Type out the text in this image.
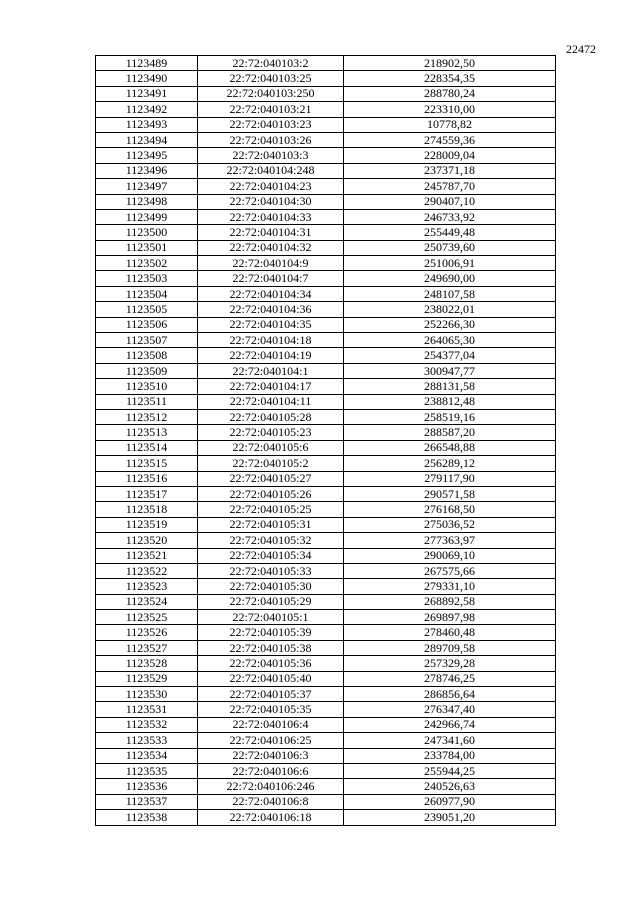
22472
1123489	22:72:040103:2	218902,50
1123490	22:72:040103:25	228354,35
1123491	22:72:040103:250	288780,24
1123492	22:72:040103:21	223310,00
1123493	22:72:040103:23	10778,82
1123494	22:72:040103:26	274559,36
1123495	22:72:040103:3	228009,04
1123496	22:72:040104:248	237371,18
1123497	22:72:040104:23	245787,70
1123498	22:72:040104:30	290407,10
1123499	22:72:040104:33	246733,92
1123500	22:72:040104:31	255449,48
1123501	22:72:040104:32	250739,60
1123502	22:72:040104:9	251006,91
1123503	22:72:040104:7	249690,00
1123504	22:72:040104:34	248107,58
1123505	22:72:040104:36	238022,01
1123506	22:72:040104:35	252266,30
1123507	22:72:040104:18	264065,30
1123508	22:72:040104:19	254377,04
1123509	22:72:040104:1	300947,77
1123510	22:72:040104:17	288131,58
1123511	22:72:040104:11	238812,48
1123512	22:72:040105:28	258519,16
1123513	22:72:040105:23	288587,20
1123514	22:72:040105:6	266548,88
1123515	22:72:040105:2	256289,12
1123516	22:72:040105:27	279117,90
1123517	22:72:040105:26	290571,58
1123518	22:72:040105:25	276168,50
1123519	22:72:040105:31	275036,52
1123520	22:72:040105:32	277363,97
1123521	22:72:040105:34	290069,10
1123522	22:72:040105:33	267575,66
1123523	22:72:040105:30	279331,10
1123524	22:72:040105:29	268892,58
1123525	22:72:040105:1	269897,98
1123526	22:72:040105:39	278460,48
1123527	22:72:040105:38	289709,58
1123528	22:72:040105:36	257329,28
1123529	22:72:040105:40	278746,25
1123530	22:72:040105:37	286856,64
1123531	22:72:040105:35	276347,40
1123532	22:72:040106:4	242966,74
1123533	22:72:040106:25	247341,60
1123534	22:72:040106:3	233784,00
1123535	22:72:040106:6	255944,25
1123536	22:72:040106:246	240526,63
1123537	22:72:040106:8	260977,90
1123538	22:72:040106:18	239051,20
